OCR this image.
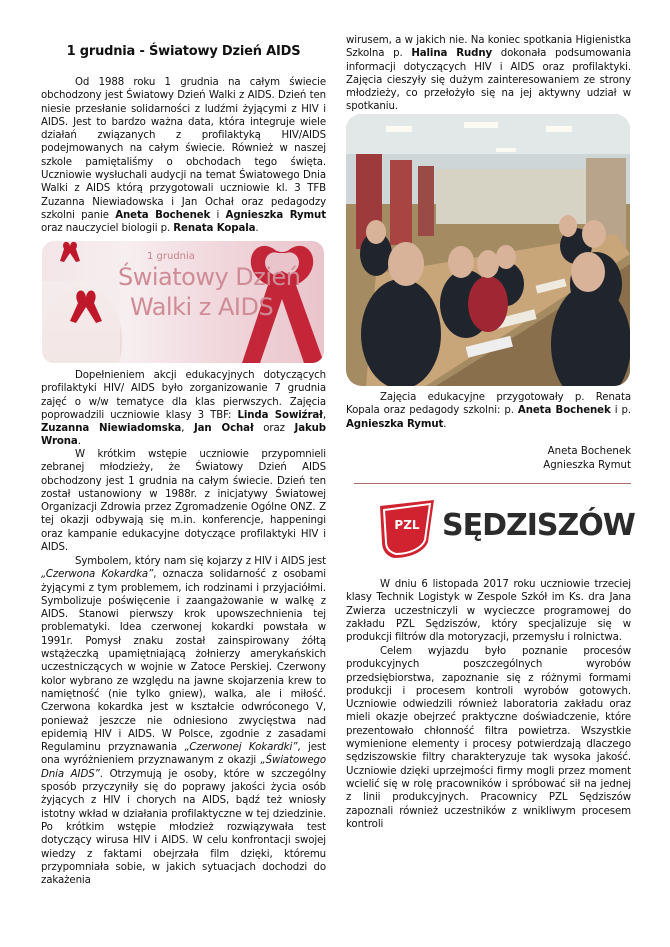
1 grudnia - Światowy Dzień AIDS

Od 1988 roku 1 grudnia na całym świecie obchodzony jest Światowy Dzień Walki z AIDS. Dzień ten niesie przesłanie solidarności z ludźmi żyjącymi z HIV i AIDS. Jest to bardzo ważna data, która integruje wiele działań związanych z profilaktyką HIV/AIDS podejmowanych na całym świecie. Również w naszej szkole pamiętaliśmy o obchodach tego święta. Uczniowie wysłuchali audycji na temat Światowego Dnia Walki z AIDS którą przygotowali uczniowie kl. 3 TFB Zuzanna Niewiadowska i Jan Ochał oraz pedagodzy szkolni panie Aneta Bochenek i Agnieszka Rymut oraz nauczyciel biologii p. Renata Kopala.

1 grudnia
Światowy Dzień
Walki z AIDS

Dopełnieniem akcji edukacyjnych dotyczących profilaktyki HIV/ AIDS było zorganizowanie 7 grudnia zajęć o w/w tematyce dla klas pierwszych. Zajęcia poprowadzili uczniowie klasy 3 TBF: Linda Sowiźrał, Zuzanna Niewiadomska, Jan Ochał oraz Jakub Wrona.

W krótkim wstępie uczniowie przypomnieli zebranej młodzieży, że Światowy Dzień AIDS obchodzony jest 1 grudnia na całym świecie. Dzień ten został ustanowiony w 1988r. z inicjatywy Światowej Organizacji Zdrowia przez Zgromadzenie Ogólne ONZ. Z tej okazji odbywają się m.in. konferencje, happeningi oraz kampanie edukacyjne dotyczące profilaktyki HIV i AIDS.

Symbolem, który nam się kojarzy z HIV i AIDS jest „Czerwona Kokardka”, oznacza solidarność z osobami żyjącymi z tym problemem, ich rodzinami i przyjaciółmi. Symbolizuje poświęcenie i zaangażowanie w walkę z AIDS. Stanowi pierwszy krok upowszechnienia tej problematyki. Idea czerwonej kokardki powstała w 1991r. Pomysł znaku został zainspirowany żółtą wstążeczką upamiętniającą żołnierzy amerykańskich uczestniczących w wojnie w Zatoce Perskiej. Czerwony kolor wybrano ze względu na jawne skojarzenia krew to namiętność (nie tylko gniew), walka, ale i miłość. Czerwona kokardka jest w kształcie odwróconego V, ponieważ jeszcze nie odniesiono zwycięstwa nad epidemią HIV i AIDS. W Polsce, zgodnie z zasadami Regulaminu przyznawania „Czerwonej Kokardki”, jest ona wyróżnieniem przyznawanym z okazji „Światowego Dnia AIDS”. Otrzymują je osoby, które w szczególny sposób przyczyniły się do poprawy jakości życia osób żyjących z HIV i chorych na AIDS, bądź też wniosły istotny wkład w działania profilaktyczne w tej dziedzinie. Po krótkim wstępie młodzież rozwiązywała test dotyczący wirusa HIV i AIDS. W celu konfrontacji swojej wiedzy z faktami obejrzała film dzięki, któremu przypomniała sobie, w jakich sytuacjach dochodzi do zakażenia

wirusem, a w jakich nie. Na koniec spotkania Higienistka Szkolna p. Halina Rudny dokonała podsumowania informacji dotyczących HIV i AIDS oraz profilaktyki. Zajęcia cieszyły się dużym zainteresowaniem ze strony młodzieży, co przełożyło się na jej aktywny udział w spotkaniu.

Zajęcia edukacyjne przygotowały p. Renata Kopala oraz pedagody szkolni: p. Aneta Bochenek i p. Agnieszka Rymut.

Aneta Bochenek
Agnieszka Rymut
PZL SĘDZISZÓW

W dniu 6 listopada 2017 roku uczniowie trzeciej klasy Technik Logistyk w Zespole Szkół im Ks. dra Jana Zwierza uczestniczyli w wycieczce programowej do zakładu PZL Sędziszów, który specjalizuje się w produkcji filtrów dla motoryzacji, przemysłu i rolnictwa.

Celem wyjazdu było poznanie procesów produkcyjnych poszczególnych wyrobów przedsiębiorstwa, zapoznanie się z różnymi formami produkcji i procesem kontroli wyrobów gotowych. Uczniowie odwiedzili również laboratoria zakładu oraz mieli okazje obejrzeć praktyczne doświadczenie, które prezentowało chłonność filtra powietrza. Wszystkie wymienione elementy i procesy potwierdzają dlaczego sędziszowskie filtry charakteryzuje tak wysoka jakość. Uczniowie dzięki uprzejmości firmy mogli przez moment wcielić się w rolę pracowników i spróbować sił na jednej z linii produkcyjnych. Pracownicy PZL Sędziszów zapoznali również uczestników z wnikliwym procesem kontroli
